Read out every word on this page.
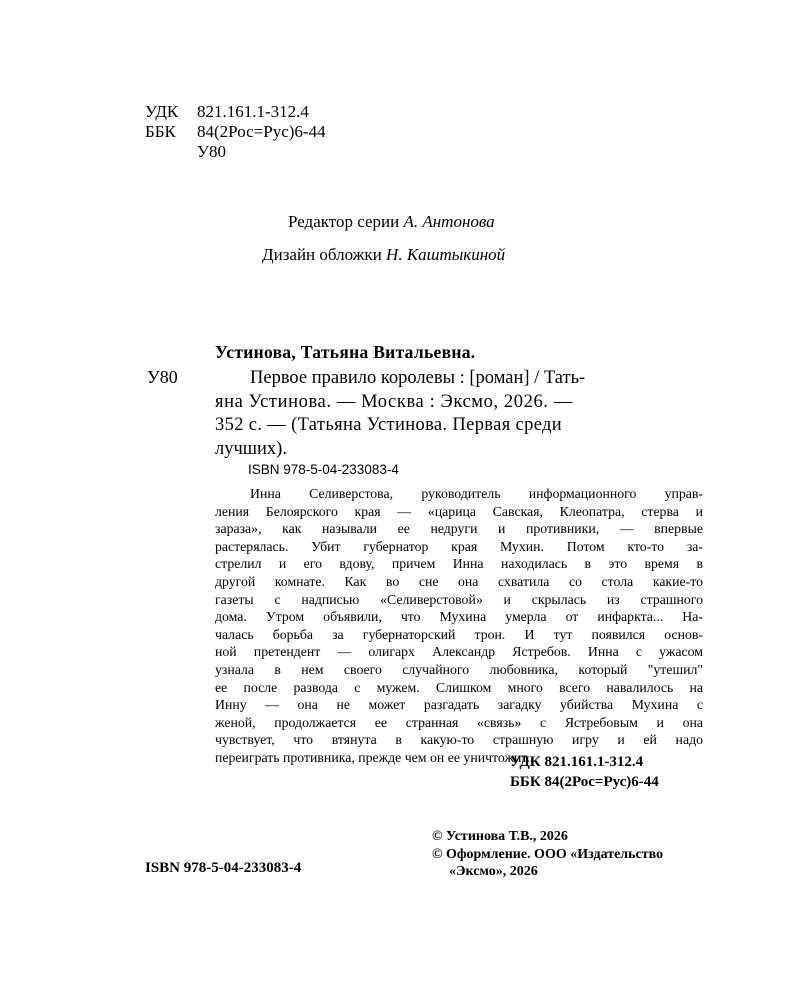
УДК 821.161.1-312.4
ББК 84(2Рос=Рус)6-44
У80
Редактор серии А. Антонова
Дизайн обложки Н. Каштыкиной
Устинова, Татьяна Витальевна.
У80	Первое правило королевы : [роман] / Тать-
яна Устинова. — Москва : Эксмо, 2026. —
352 с. — (Татьяна Устинова. Первая среди
лучших).
ISBN 978-5-04-233083-4
Инна Селиверстова, руководитель информационного управ-
ления Белоярского края — «царица Савская, Клеопатра, стерва и
зараза», как называли ее недруги и противники, — впервые
растерялась. Убит губернатор края Мухин. Потом кто-то за-
стрелил и его вдову, причем Инна находилась в это время в
другой комнате. Как во сне она схватила со стола какие-то
газеты с надписью «Селиверстовой» и скрылась из страшного
дома. Утром объявили, что Мухина умерла от инфаркта... На-
чалась борьба за губернаторский трон. И тут появился основ-
ной претендент — олигарх Александр Ястребов. Инна с ужасом
узнала в нем своего случайного любовника, который "утешил"
ее после развода с мужем. Слишком много всего навалилось на
Инну — она не может разгадать загадку убийства Мухина с
женой, продолжается ее странная «связь» с Ястребовым и она
чувствует, что втянута в какую-то страшную игру и ей надо
переиграть противника, прежде чем он ее уничтожит...
УДК 821.161.1-312.4
ББК 84(2Рос=Рус)6-44
ISBN 978-5-04-233083-4
© Устинова Т.В., 2026
© Оформление. ООО «Издательство
«Эксмо», 2026
